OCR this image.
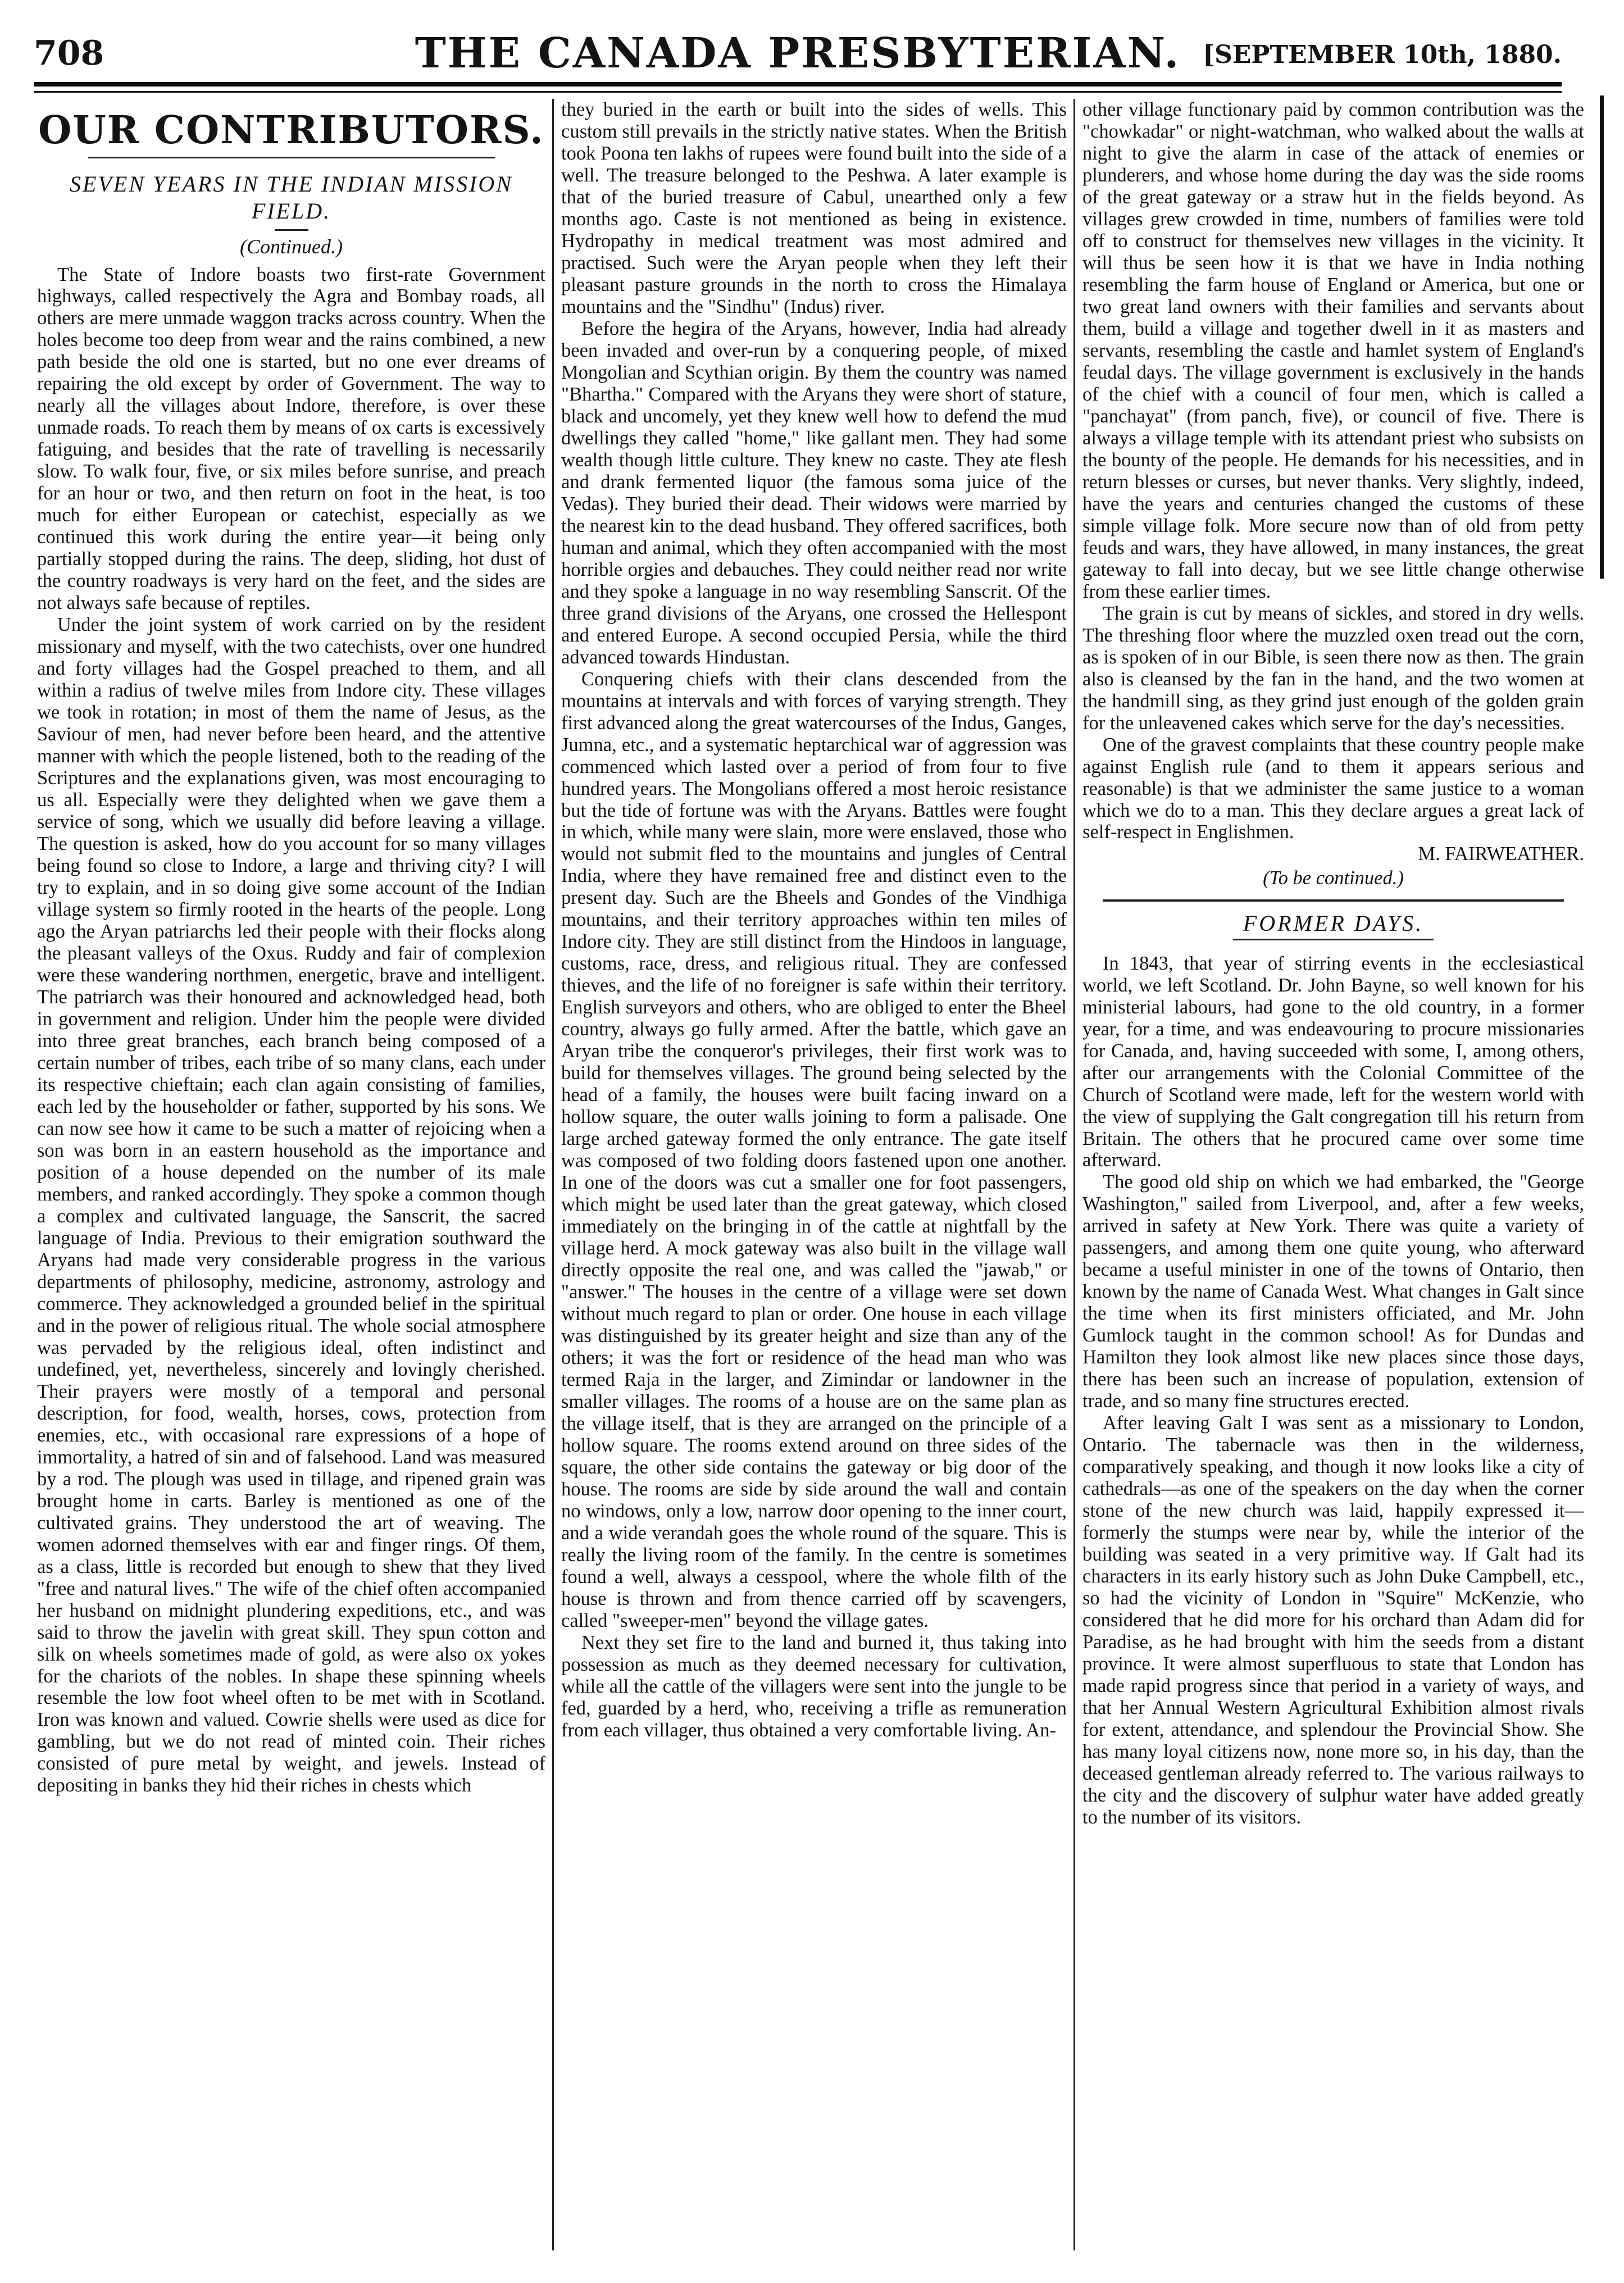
708	THE CANADA PRESBYTERIAN. [SEPTEMBER 10th, 1880.
OUR CONTRIBUTORS.
SEVEN YEARS IN THE INDIAN MISSION FIELD.
(Continued.)

The State of Indore boasts two first-rate Government highways, called respectively the Agra and Bombay roads, all others are mere unmade waggon tracks across country. When the holes become too deep from wear and the rains combined, a new path beside the old one is started, but no one ever dreams of repairing the old except by order of Government. The way to nearly all the villages about Indore, therefore, is over these unmade roads. To reach them by means of ox carts is excessively fatiguing, and besides that the rate of travelling is necessarily slow. To walk four, five, or six miles before sunrise, and preach for an hour or two, and then return on foot in the heat, is too much for either European or catechist, especially as we continued this work during the entire year—it being only partially stopped during the rains. The deep, sliding, hot dust of the country roadways is very hard on the feet, and the sides are not always safe because of reptiles.

Under the joint system of work carried on by the resident missionary and myself, with the two catechists, over one hundred and forty villages had the Gospel preached to them, and all within a radius of twelve miles from Indore city. These villages we took in rotation; in most of them the name of Jesus, as the Saviour of men, had never before been heard, and the attentive manner with which the people listened, both to the reading of the Scriptures and the explanations given, was most encouraging to us all. Especially were they delighted when we gave them a service of song, which we usually did before leaving a village. The question is asked, how do you account for so many villages being found so close to Indore, a large and thriving city? I will try to explain, and in so doing give some account of the Indian village system so firmly rooted in the hearts of the people. Long ago the Aryan patriarchs led their people with their flocks along the pleasant valleys of the Oxus. Ruddy and fair of complexion were these wandering northmen, energetic, brave and intelligent. The patriarch was their honoured and acknowledged head, both in government and religion. Under him the people were divided into three great branches, each branch being composed of a certain number of tribes, each tribe of so many clans, each under its respective chieftain; each clan again consisting of families, each led by the householder or father, supported by his sons. We can now see how it came to be such a matter of rejoicing when a son was born in an eastern household as the importance and position of a house depended on the number of its male members, and ranked accordingly. They spoke a common though a complex and cultivated language, the Sanscrit, the sacred language of India. Previous to their emigration southward the Aryans had made very considerable progress in the various departments of philosophy, medicine, astronomy, astrology and commerce. They acknowledged a grounded belief in the spiritual and in the power of religious ritual. The whole social atmosphere was pervaded by the religious ideal, often indistinct and undefined, yet, nevertheless, sincerely and lovingly cherished. Their prayers were mostly of a temporal and personal description, for food, wealth, horses, cows, protection from enemies, etc., with occasional rare expressions of a hope of immortality, a hatred of sin and of falsehood. Land was measured by a rod. The plough was used in tillage, and ripened grain was brought home in carts. Barley is mentioned as one of the cultivated grains. They understood the art of weaving. The women adorned themselves with ear and finger rings. Of them, as a class, little is recorded but enough to shew that they lived "free and natural lives." The wife of the chief often accompanied her husband on midnight plundering expeditions, etc., and was said to throw the javelin with great skill. They spun cotton and silk on wheels sometimes made of gold, as were also ox yokes for the chariots of the nobles. In shape these spinning wheels resemble the low foot wheel often to be met with in Scotland. Iron was known and valued. Cowrie shells were used as dice for gambling, but we do not read of minted coin. Their riches consisted of pure metal by weight, and jewels. Instead of depositing in banks they hid their riches in chests which

they buried in the earth or built into the sides of wells. This custom still prevails in the strictly native states. When the British took Poona ten lakhs of rupees were found built into the side of a well. The treasure belonged to the Peshwa. A later example is that of the buried treasure of Cabul, unearthed only a few months ago. Caste is not mentioned as being in existence. Hydropathy in medical treatment was most admired and practised. Such were the Aryan people when they left their pleasant pasture grounds in the north to cross the Himalaya mountains and the "Sindhu" (Indus) river.

Before the hegira of the Aryans, however, India had already been invaded and over-run by a conquering people, of mixed Mongolian and Scythian origin. By them the country was named "Bhartha." Compared with the Aryans they were short of stature, black and uncomely, yet they knew well how to defend the mud dwellings they called "home," like gallant men. They had some wealth though little culture. They knew no caste. They ate flesh and drank fermented liquor (the famous soma juice of the Vedas). They buried their dead. Their widows were married by the nearest kin to the dead husband. They offered sacrifices, both human and animal, which they often accompanied with the most horrible orgies and debauches. They could neither read nor write and they spoke a language in no way resembling Sanscrit. Of the three grand divisions of the Aryans, one crossed the Hellespont and entered Europe. A second occupied Persia, while the third advanced towards Hindustan.

Conquering chiefs with their clans descended from the mountains at intervals and with forces of varying strength. They first advanced along the great watercourses of the Indus, Ganges, Jumna, etc., and a systematic heptarchical war of aggression was commenced which lasted over a period of from four to five hundred years. The Mongolians offered a most heroic resistance but the tide of fortune was with the Aryans. Battles were fought in which, while many were slain, more were enslaved, those who would not submit fled to the mountains and jungles of Central India, where they have remained free and distinct even to the present day. Such are the Bheels and Gondes of the Vindhiga mountains, and their territory approaches within ten miles of Indore city. They are still distinct from the Hindoos in language, customs, race, dress, and religious ritual. They are confessed thieves, and the life of no foreigner is safe within their territory. English surveyors and others, who are obliged to enter the Bheel country, always go fully armed. After the battle, which gave an Aryan tribe the conqueror's privileges, their first work was to build for themselves villages. The ground being selected by the head of a family, the houses were built facing inward on a hollow square, the outer walls joining to form a palisade. One large arched gateway formed the only entrance. The gate itself was composed of two folding doors fastened upon one another. In one of the doors was cut a smaller one for foot passengers, which might be used later than the great gateway, which closed immediately on the bringing in of the cattle at nightfall by the village herd. A mock gateway was also built in the village wall directly opposite the real one, and was called the "jawab," or "answer." The houses in the centre of a village were set down without much regard to plan or order. One house in each village was distinguished by its greater height and size than any of the others; it was the fort or residence of the head man who was termed Raja in the larger, and Zimindar or landowner in the smaller villages. The rooms of a house are on the same plan as the village itself, that is they are arranged on the principle of a hollow square. The rooms extend around on three sides of the square, the other side contains the gateway or big door of the house. The rooms are side by side around the wall and contain no windows, only a low, narrow door opening to the inner court, and a wide verandah goes the whole round of the square. This is really the living room of the family. In the centre is sometimes found a well, always a cesspool, where the whole filth of the house is thrown and from thence carried off by scavengers, called "sweeper-men" beyond the village gates.

Next they set fire to the land and burned it, thus taking into possession as much as they deemed necessary for cultivation, while all the cattle of the villagers were sent into the jungle to be fed, guarded by a herd, who, receiving a trifle as remuneration from each villager, thus obtained a very comfortable living. An-

other village functionary paid by common contribution was the "chowkadar" or night-watchman, who walked about the walls at night to give the alarm in case of the attack of enemies or plunderers, and whose home during the day was the side rooms of the great gateway or a straw hut in the fields beyond. As villages grew crowded in time, numbers of families were told off to construct for themselves new villages in the vicinity. It will thus be seen how it is that we have in India nothing resembling the farm house of England or America, but one or two great land owners with their families and servants about them, build a village and together dwell in it as masters and servants, resembling the castle and hamlet system of England's feudal days. The village government is exclusively in the hands of the chief with a council of four men, which is called a "panchayat" (from panch, five), or council of five. There is always a village temple with its attendant priest who subsists on the bounty of the people. He demands for his necessities, and in return blesses or curses, but never thanks. Very slightly, indeed, have the years and centuries changed the customs of these simple village folk. More secure now than of old from petty feuds and wars, they have allowed, in many instances, the great gateway to fall into decay, but we see little change otherwise from these earlier times.

The grain is cut by means of sickles, and stored in dry wells. The threshing floor where the muzzled oxen tread out the corn, as is spoken of in our Bible, is seen there now as then. The grain also is cleansed by the fan in the hand, and the two women at the handmill sing, as they grind just enough of the golden grain for the unleavened cakes which serve for the day's necessities.

One of the gravest complaints that these country people make against English rule (and to them it appears serious and reasonable) is that we administer the same justice to a woman which we do to a man. This they declare argues a great lack of self-respect in Englishmen.

M. FAIRWEATHER.

(To be continued.)
FORMER DAYS.

In 1843, that year of stirring events in the ecclesiastical world, we left Scotland. Dr. John Bayne, so well known for his ministerial labours, had gone to the old country, in a former year, for a time, and was endeavouring to procure missionaries for Canada, and, having succeeded with some, I, among others, after our arrangements with the Colonial Committee of the Church of Scotland were made, left for the western world with the view of supplying the Galt congregation till his return from Britain. The others that he procured came over some time afterward.

The good old ship on which we had embarked, the "George Washington," sailed from Liverpool, and, after a few weeks, arrived in safety at New York. There was quite a variety of passengers, and among them one quite young, who afterward became a useful minister in one of the towns of Ontario, then known by the name of Canada West. What changes in Galt since the time when its first ministers officiated, and Mr. John Gumlock taught in the common school! As for Dundas and Hamilton they look almost like new places since those days, there has been such an increase of population, extension of trade, and so many fine structures erected.

After leaving Galt I was sent as a missionary to London, Ontario. The tabernacle was then in the wilderness, comparatively speaking, and though it now looks like a city of cathedrals—as one of the speakers on the day when the corner stone of the new church was laid, happily expressed it—formerly the stumps were near by, while the interior of the building was seated in a very primitive way. If Galt had its characters in its early history such as John Duke Campbell, etc., so had the vicinity of London in "Squire" McKenzie, who considered that he did more for his orchard than Adam did for Paradise, as he had brought with him the seeds from a distant province. It were almost superfluous to state that London has made rapid progress since that period in a variety of ways, and that her Annual Western Agricultural Exhibition almost rivals for extent, attendance, and splendour the Provincial Show. She has many loyal citizens now, none more so, in his day, than the deceased gentleman already referred to. The various railways to the city and the discovery of sulphur water have added greatly to the number of its visitors.
